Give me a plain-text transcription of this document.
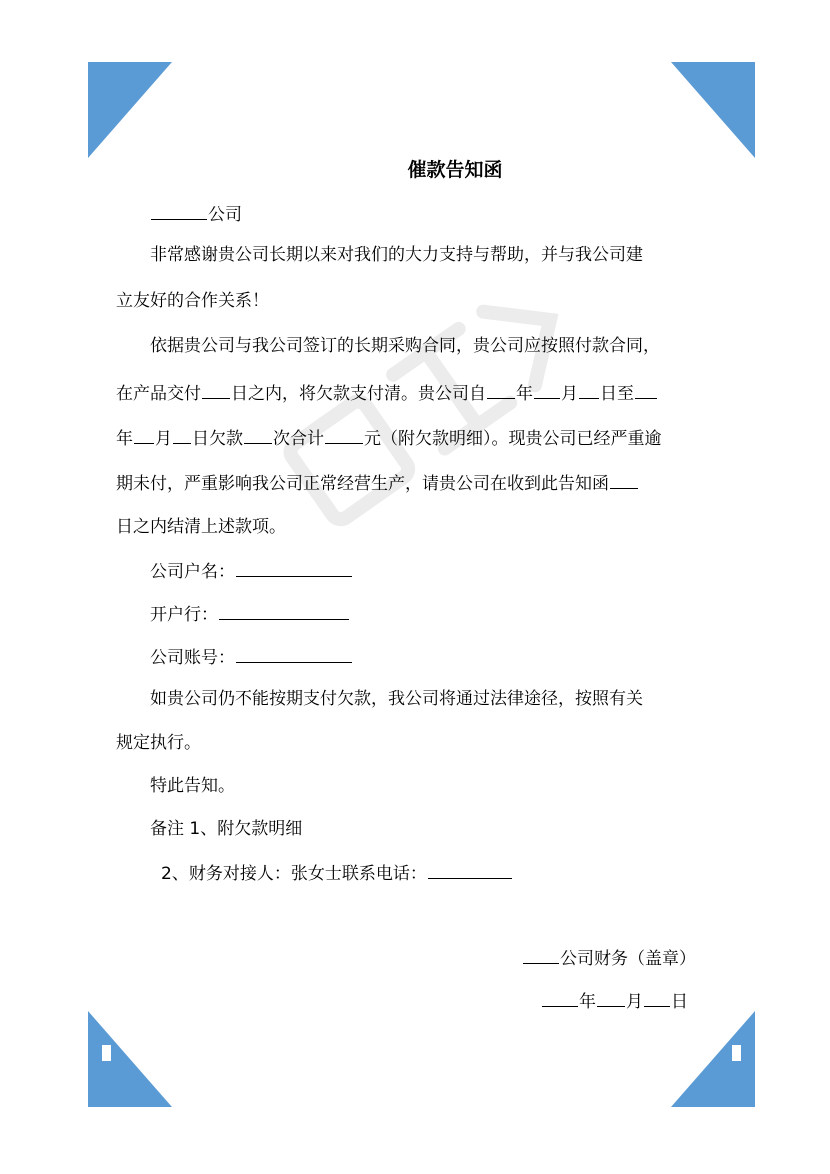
催款告知函
公司
非常感谢贵公司长期以来对我们的大力支持与帮助，并与我公司建
立友好的合作关系！
依据贵公司与我公司签订的长期采购合同，贵公司应按照付款合同，
在产品交付 日之内，将欠款支付清。贵公司自 年 月 日至
年 月 日欠款 次合计 元（附欠款明细）。现贵公司已经严重逾
期未付，严重影响我公司正常经营生产，请贵公司在收到此告知函
日之内结清上述款项。
公司户名：
开户行：
公司账号：
如贵公司仍不能按期支付欠款，我公司将通过法律途径，按照有关
规定执行。
特此告知。
备注 1、附欠款明细
2、财务对接人：张女士联系电话：
公司财务（盖章）
年 月 日
